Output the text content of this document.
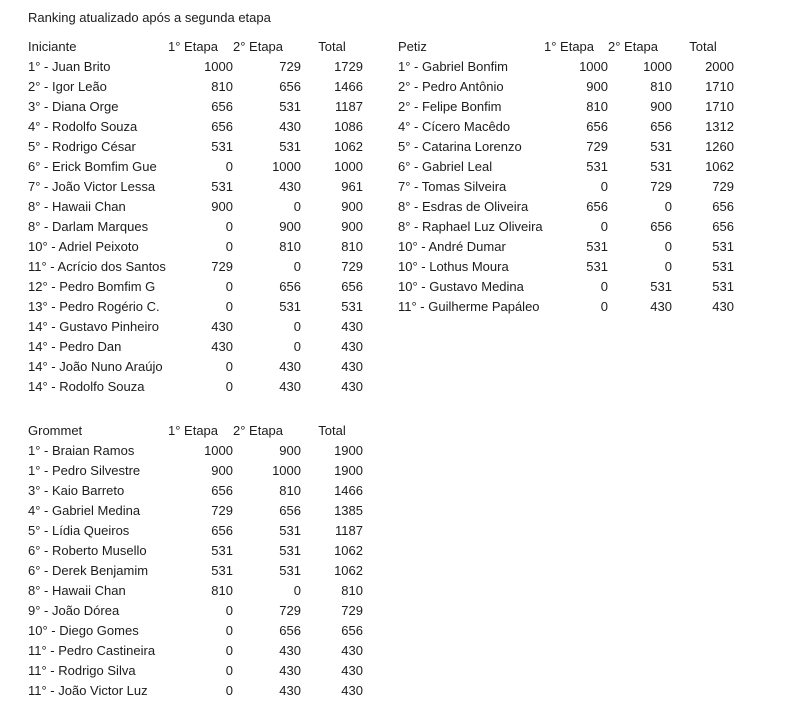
Ranking atualizado após a segunda etapa
Iniciante	1° Etapa	2° Etapa	Total
1° - Juan Brito	1000	729	1729
2° - Igor Leão	810	656	1466
3° - Diana Orge	656	531	1187
4° - Rodolfo Souza	656	430	1086
5° - Rodrigo César	531	531	1062
6° - Erick Bomfim Gue	0	1000	1000
7° - João Victor Lessa	531	430	961
8° - Hawaii Chan	900	0	900
8° - Darlam Marques	0	900	900
10° - Adriel Peixoto	0	810	810
11° - Acrício dos Santos	729	0	729
12° - Pedro Bomfim G	0	656	656
13° - Pedro Rogério C.	0	531	531
14° - Gustavo Pinheiro	430	0	430
14° - Pedro Dan	430	0	430
14° - João Nuno Araújo	0	430	430
14° - Rodolfo Souza	0	430	430
Grommet	1° Etapa	2° Etapa	Total
1° - Braian Ramos	1000	900	1900
1° - Pedro Silvestre	900	1000	1900
3° - Kaio Barreto	656	810	1466
4° - Gabriel Medina	729	656	1385
5° - Lídia Queiros	656	531	1187
6° - Roberto Musello	531	531	1062
6° - Derek Benjamim	531	531	1062
8° - Hawaii Chan	810	0	810
9° - João Dórea	0	729	729
10° - Diego Gomes	0	656	656
11° - Pedro Castineira	0	430	430
11° - Rodrigo Silva	0	430	430
11° - João Victor Luz	0	430	430
Petiz	1° Etapa	2° Etapa	Total
1° - Gabriel Bonfim	1000	1000	2000
2° - Pedro Antônio	900	810	1710
2° - Felipe Bonfim	810	900	1710
4° - Cícero Macêdo	656	656	1312
5° - Catarina Lorenzo	729	531	1260
6° - Gabriel Leal	531	531	1062
7° - Tomas Silveira	0	729	729
8° - Esdras de Oliveira	656	0	656
8° - Raphael Luz Oliveira	0	656	656
10° - André Dumar	531	0	531
10° - Lothus Moura	531	0	531
10° - Gustavo Medina	0	531	531
11° - Guilherme Papáleo	0	430	430
